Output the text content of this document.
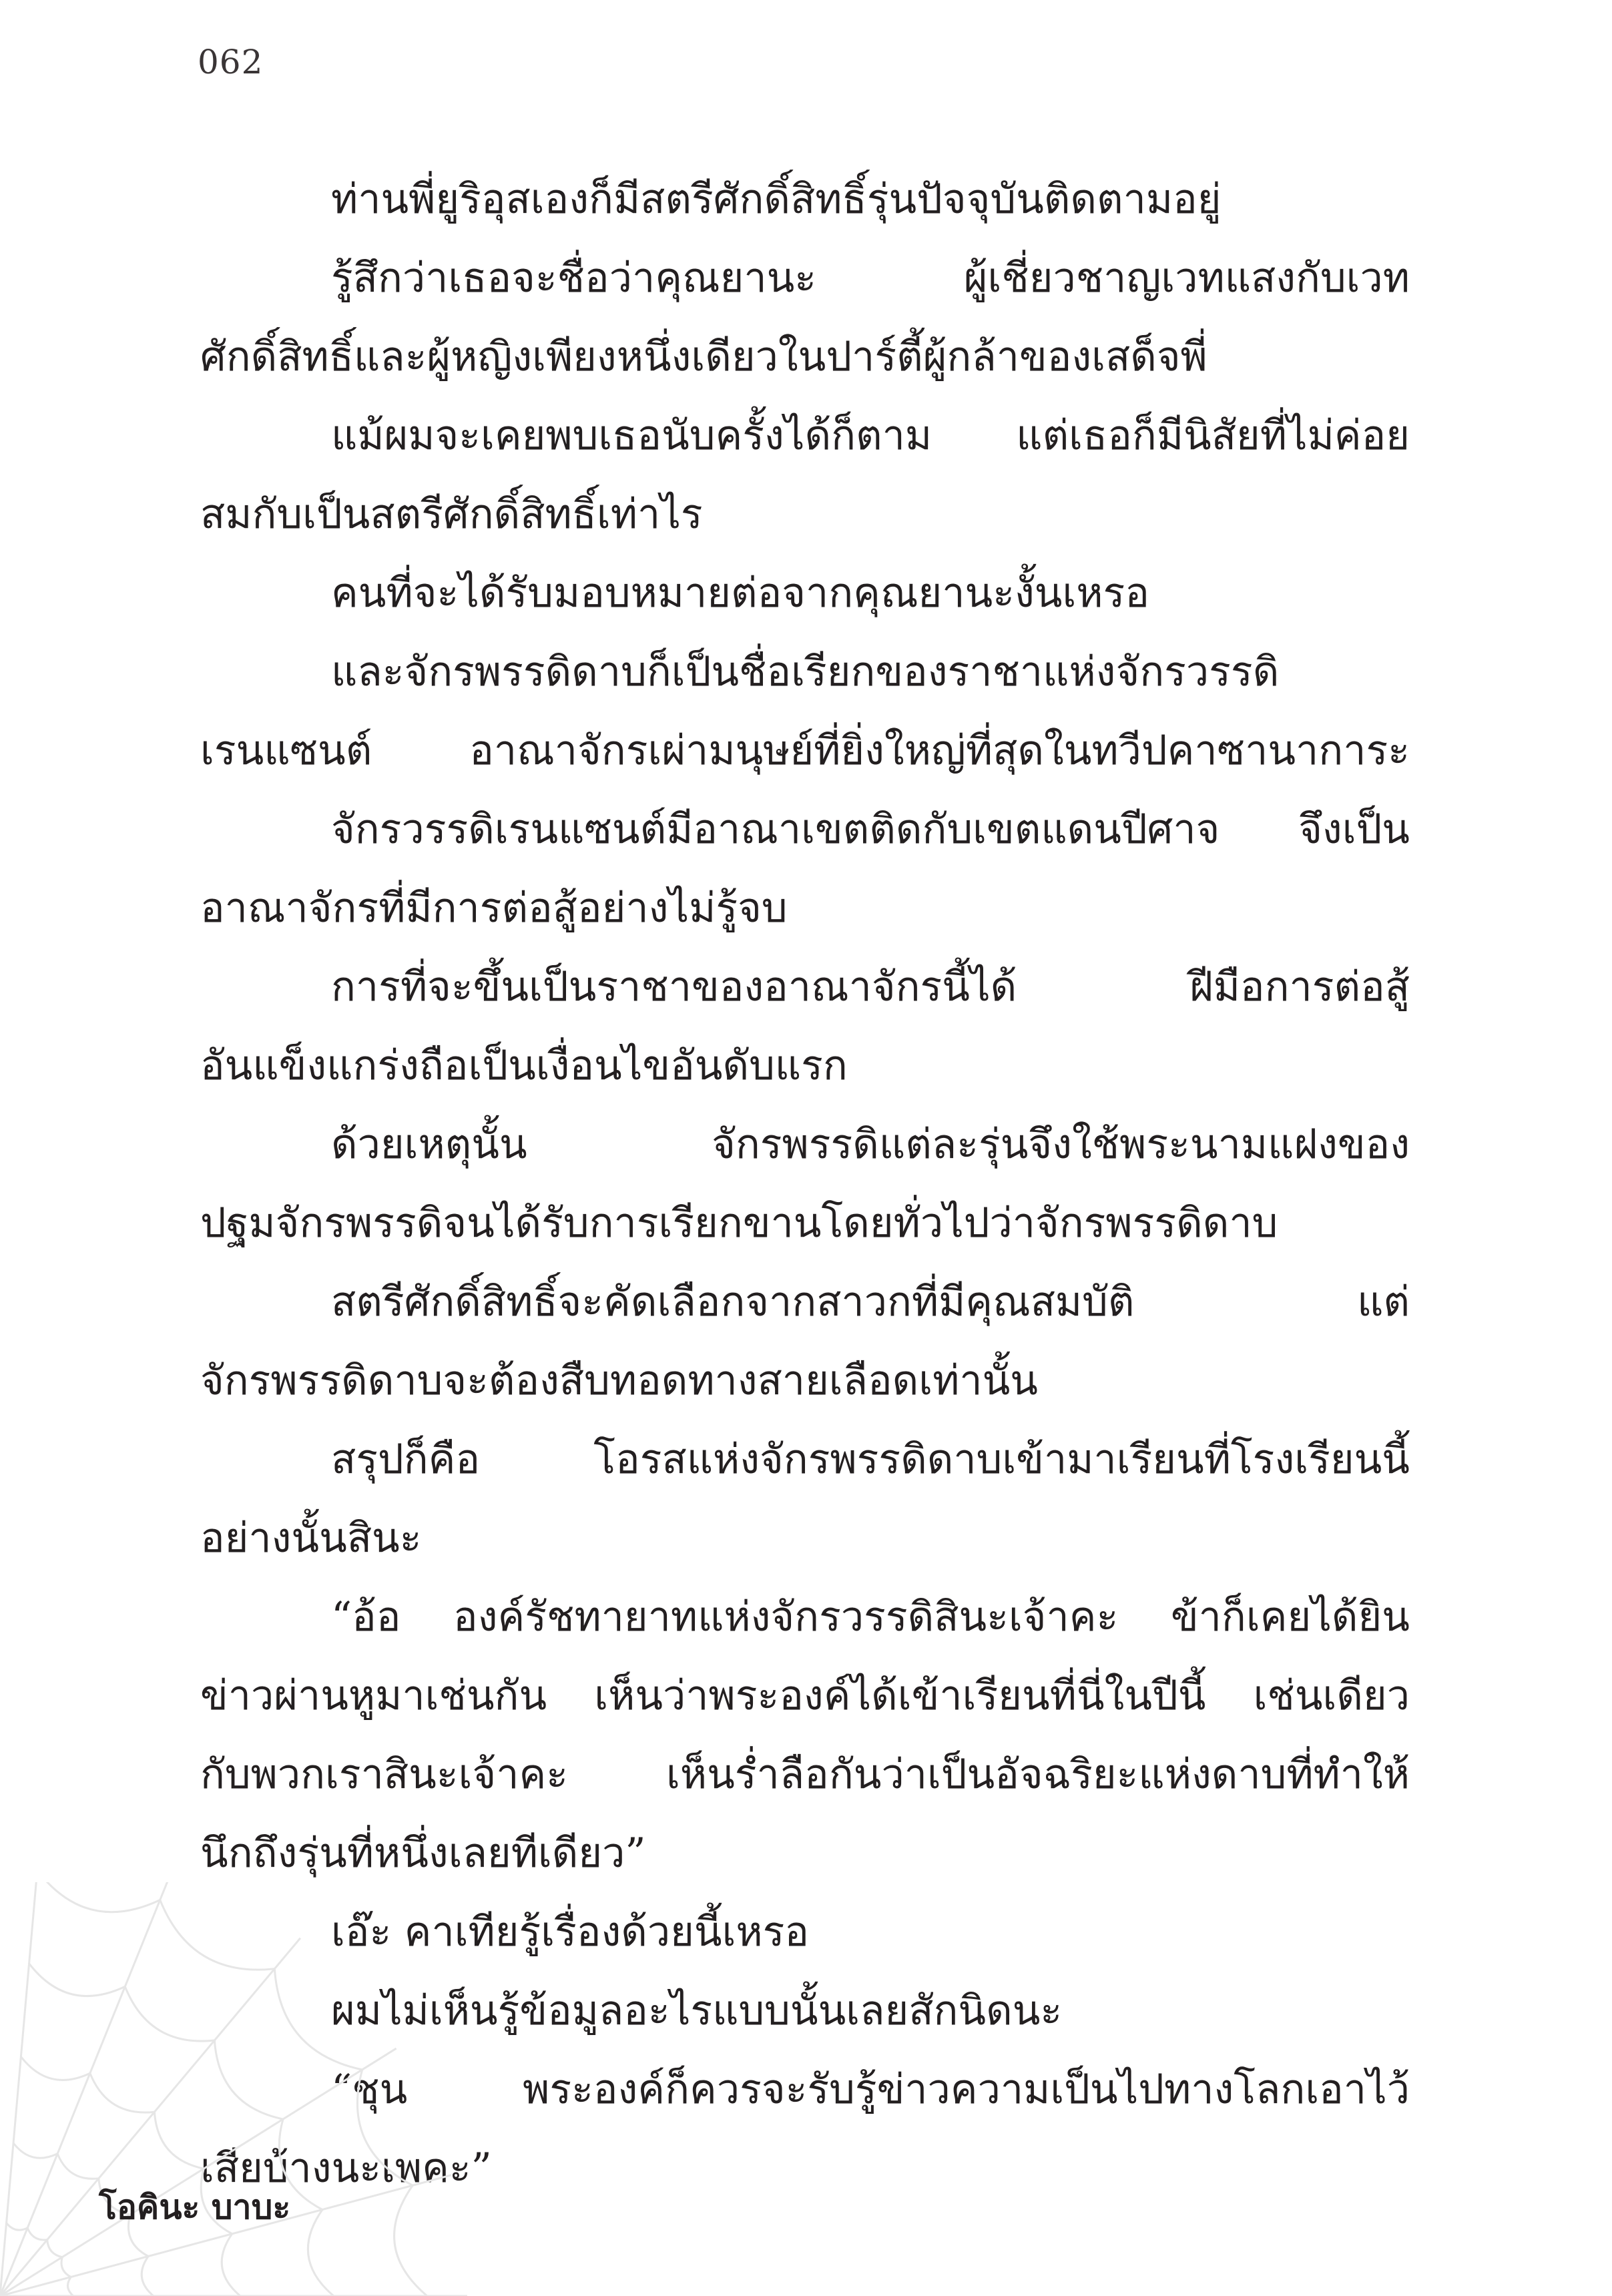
062
ท่านพี่ยูริอุสเองก็มีสตรีศักดิ์สิทธิ์รุ่นปัจจุบันติดตามอยู่
รู้สึกว่าเธอจะชื่อว่าคุณยานะ ผู้เชี่ยวชาญเวทแสงกับเวท
ศักดิ์สิทธิ์และผู้หญิงเพียงหนึ่งเดียวในปาร์ตี้ผู้กล้าของเสด็จพี่
แม้ผมจะเคยพบเธอนับครั้งได้ก็ตาม แต่เธอก็มีนิสัยที่ไม่ค่อย
สมกับเป็นสตรีศักดิ์สิทธิ์เท่าไร
คนที่จะได้รับมอบหมายต่อจากคุณยานะงั้นเหรอ
และจักรพรรดิดาบก็เป็นชื่อเรียกของราชาแห่งจักรวรรดิ
เรนแซนต์ อาณาจักรเผ่ามนุษย์ที่ยิ่งใหญ่ที่สุดในทวีปคาซานาการะ
จักรวรรดิเรนแซนต์มีอาณาเขตติดกับเขตแดนปีศาจ จึงเป็น
อาณาจักรที่มีการต่อสู้อย่างไม่รู้จบ
การที่จะขึ้นเป็นราชาของอาณาจักรนี้ได้ ฝีมือการต่อสู้
อันแข็งแกร่งถือเป็นเงื่อนไขอันดับแรก
ด้วยเหตุนั้น จักรพรรดิแต่ละรุ่นจึงใช้พระนามแฝงของ
ปฐมจักรพรรดิจนได้รับการเรียกขานโดยทั่วไปว่าจักรพรรดิดาบ
สตรีศักดิ์สิทธิ์จะคัดเลือกจากสาวกที่มีคุณสมบัติ แต่
จักรพรรดิดาบจะต้องสืบทอดทางสายเลือดเท่านั้น
สรุปก็คือ โอรสแห่งจักรพรรดิดาบเข้ามาเรียนที่โรงเรียนนี้
อย่างนั้นสินะ
“อ้อ องค์รัชทายาทแห่งจักรวรรดิสินะเจ้าคะ ข้าก็เคยได้ยิน
ข่าวผ่านหูมาเช่นกัน เห็นว่าพระองค์ได้เข้าเรียนที่นี่ในปีนี้ เช่นเดียว
กับพวกเราสินะเจ้าคะ เห็นร่ำลือกันว่าเป็นอัจฉริยะแห่งดาบที่ทำให้
นึกถึงรุ่นที่หนึ่งเลยทีเดียว”
เอ๊ะ คาเทียรู้เรื่องด้วยนี้เหรอ
ผมไม่เห็นรู้ข้อมูลอะไรแบบนั้นเลยสักนิดนะ
“ชุน พระองค์ก็ควรจะรับรู้ข่าวความเป็นไปทางโลกเอาไว้
เสียบ้างนะเพคะ”
โอคินะ บาบะ
